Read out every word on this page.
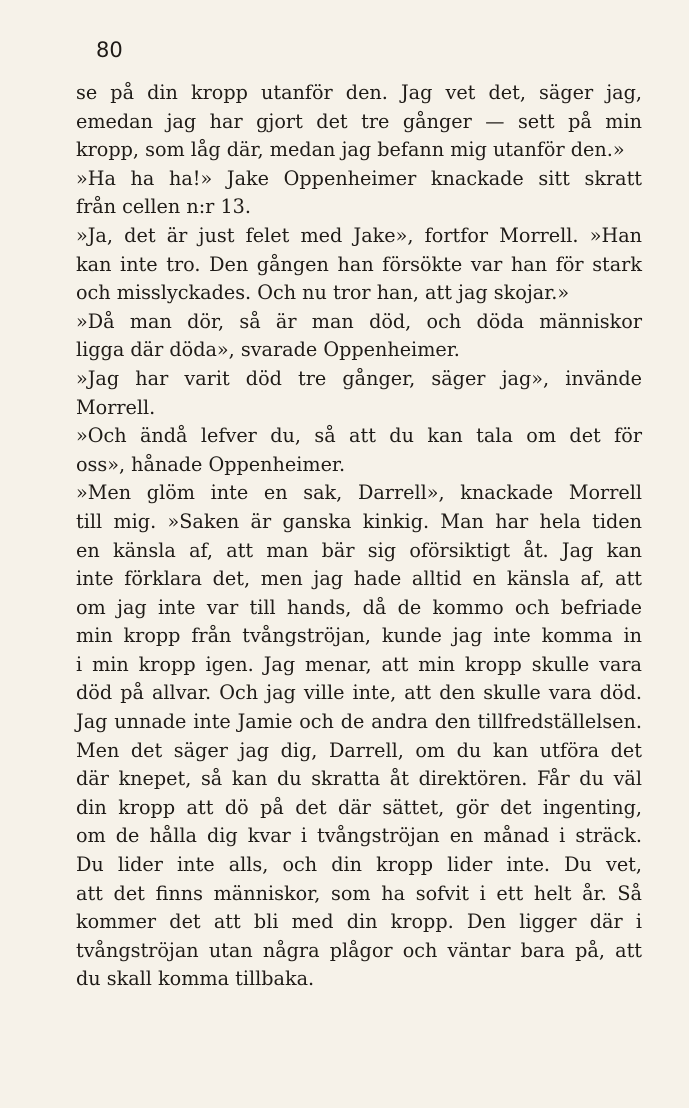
80
se på din kropp utanför den. Jag vet det, säger jag,
emedan jag har gjort det tre gånger — sett på min
kropp, som låg där, medan jag befann mig utanför den.»
»Ha ha ha!» Jake Oppenheimer knackade sitt skratt
från cellen n:r 13.
»Ja, det är just felet med Jake», fortfor Morrell. »Han
kan inte tro. Den gången han försökte var han för stark
och misslyckades. Och nu tror han, att jag skojar.»
»Då man dör, så är man död, och döda människor
ligga där döda», svarade Oppenheimer.
»Jag har varit död tre gånger, säger jag», invände
Morrell.
»Och ändå lefver du, så att du kan tala om det för
oss», hånade Oppenheimer.
»Men glöm inte en sak, Darrell», knackade Morrell
till mig. »Saken är ganska kinkig. Man har hela tiden
en känsla af, att man bär sig oförsiktigt åt. Jag kan
inte förklara det, men jag hade alltid en känsla af, att
om jag inte var till hands, då de kommo och befriade
min kropp från tvångströjan, kunde jag inte komma in
i min kropp igen. Jag menar, att min kropp skulle vara
död på allvar. Och jag ville inte, att den skulle vara död.
Jag unnade inte Jamie och de andra den tillfredställelsen.
Men det säger jag dig, Darrell, om du kan utföra det
där knepet, så kan du skratta åt direktören. Får du väl
din kropp att dö på det där sättet, gör det ingenting,
om de hålla dig kvar i tvångströjan en månad i sträck.
Du lider inte alls, och din kropp lider inte. Du vet,
att det finns människor, som ha sofvit i ett helt år. Så
kommer det att bli med din kropp. Den ligger där i
tvångströjan utan några plågor och väntar bara på, att
du skall komma tillbaka.
